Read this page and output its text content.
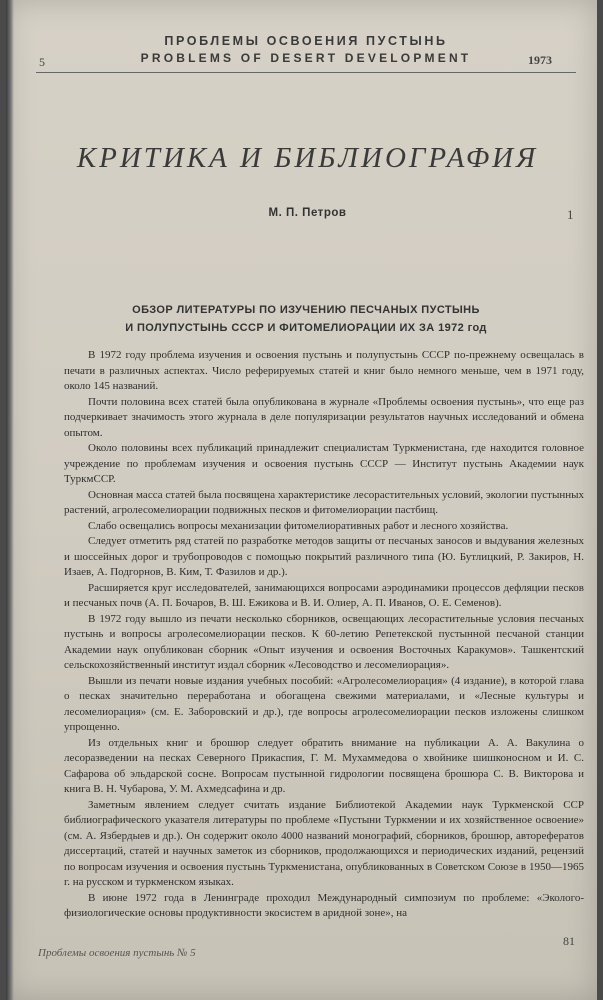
ПРОБЛЕМЫ ОСВОЕНИЯ ПУСТЫНЬ
PROBLEMS OF DESERT DEVELOPMENT
5	1973
КРИТИКА И БИБЛИОГРАФИЯ
М. П. Петров	1
ОБЗОР ЛИТЕРАТУРЫ ПО ИЗУЧЕНИЮ ПЕСЧАНЫХ ПУСТЫНЬ
И ПОЛУПУСТЫНЬ СССР И ФИТОМЕЛИОРАЦИИ ИХ ЗА 1972 год

В 1972 году проблема изучения и освоения пустынь и полупустынь СССР по-прежнему освещалась в печати в различных аспектах. Число реферируемых статей и книг было немного меньше, чем в 1971 году, около 145 названий.

Почти половина всех статей была опубликована в журнале «Проблемы освоения пустынь», что еще раз подчеркивает значимость этого журнала в деле популяризации результатов научных исследований и обмена опытом.

Около половины всех публикаций принадлежит специалистам Туркменистана, где находится головное учреждение по проблемам изучения и освоения пустынь СССР — Институт пустынь Академии наук ТуркмССР.

Основная масса статей была посвящена характеристике лесорастительных условий, экологии пустынных растений, агролесомелиорации подвижных песков и фитомелиорации пастбищ.

Слабо освещались вопросы механизации фитомелиоративных работ и лесного хозяйства.

Следует отметить ряд статей по разработке методов защиты от песчаных заносов и выдувания железных и шоссейных дорог и трубопроводов с помощью покрытий различного типа (Ю. Бутлицкий, Р. Закиров, Н. Изаев, А. Подгорнов, В. Ким, Т. Фазилов и др.).

Расширяется круг исследователей, занимающихся вопросами аэродинамики процессов дефляции песков и песчаных почв (А. П. Бочаров, В. Ш. Ежикова и В. И. Олиер, А. П. Иванов, О. Е. Семенов).

В 1972 году вышло из печати несколько сборников, освещающих лесорастительные условия песчаных пустынь и вопросы агролесомелиорации песков. К 60-летию Репетекской пустынной песчаной станции Академии наук опубликован сборник «Опыт изучения и освоения Восточных Каракумов». Ташкентский сельскохозяйственный институт издал сборник «Лесоводство и лесомелиорация».

Вышли из печати новые издания учебных пособий: «Агролесомелиорация» (4 издание), в которой глава о песках значительно переработана и обогащена свежими материалами, и «Лесные культуры и лесомелиорация» (см. Е. Заборовский и др.), где вопросы агролесомелиорации песков изложены слишком упрощенно.

Из отдельных книг и брошюр следует обратить внимание на публикации А. А. Вакулина о лесоразведении на песках Северного Прикаспия, Г. М. Мухаммедова о хвойнике шишконосном и И. С. Сафарова об эльдарской сосне. Вопросам пустынной гидрологии посвящена брошюра С. В. Викторова и книга В. Н. Чубарова, У. М. Ахмедсафина и др.

Заметным явлением следует считать издание Библиотекой Академии наук Туркменской ССР библиографического указателя литературы по проблеме «Пустыни Туркмении и их хозяйственное освоение» (см. А. Язбердыев и др.). Он содержит около 4000 названий монографий, сборников, брошюр, авторефератов диссертаций, статей и научных заметок из сборников, продолжающихся и периодических изданий, рецензий по вопросам изучения и освоения пустынь Туркменистана, опубликованных в Советском Союзе в 1950—1965 г. на русском и туркменском языках.

В июне 1972 года в Ленинграде проходил Международный симпозиум по проблеме: «Эколого-физиологические основы продуктивности экосистем в аридной зоне», на

Проблемы освоения пустынь № 5
81
